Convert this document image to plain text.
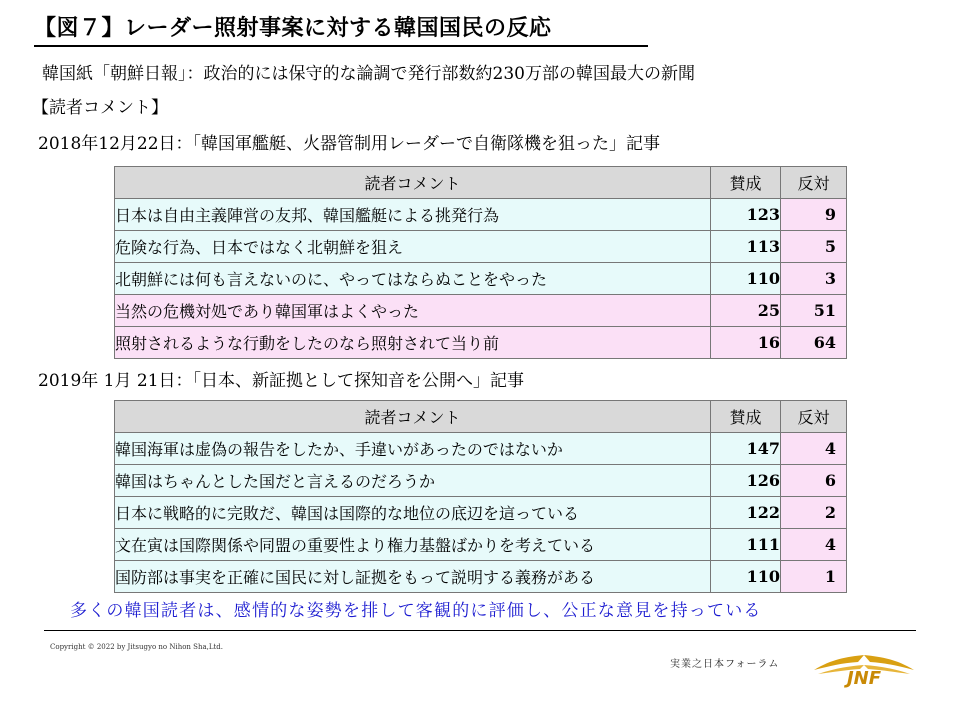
【図７】レーダー照射事案に対する韓国国民の反応
韓国紙「朝鮮日報」：政治的には保守的な論調で発行部数約230万部の韓国最大の新聞
【読者コメント】
2018年12月22日：「韓国軍艦艇、火器管制用レーダーで自衛隊機を狙った」記事
読者コメント	賛成	反対
日本は自由主義陣営の友邦、韓国艦艇による挑発行為	123	9
危険な行為、日本ではなく北朝鮮を狙え	113	5
北朝鮮には何も言えないのに、やってはならぬことをやった	110	3
当然の危機対処であり韓国軍はよくやった	25	51
照射されるような行動をしたのなら照射されて当り前	16	64
2019年 1月 21日：「日本、新証拠として探知音を公開へ」記事
読者コメント	賛成	反対
韓国海軍は虚偽の報告をしたか、手違いがあったのではないか	147	4
韓国はちゃんとした国だと言えるのだろうか	126	6
日本に戦略的に完敗だ、韓国は国際的な地位の底辺を這っている	122	2
文在寅は国際関係や同盟の重要性より権力基盤ばかりを考えている	111	4
国防部は事実を正確に国民に対し証拠をもって説明する義務がある	110	1
多くの韓国読者は、感情的な姿勢を排して客観的に評価し、公正な意見を持っている
Copyright © 2022 by Jitsugyo no Nihon Sha,Ltd.
実業之日本フォーラム
JNF
